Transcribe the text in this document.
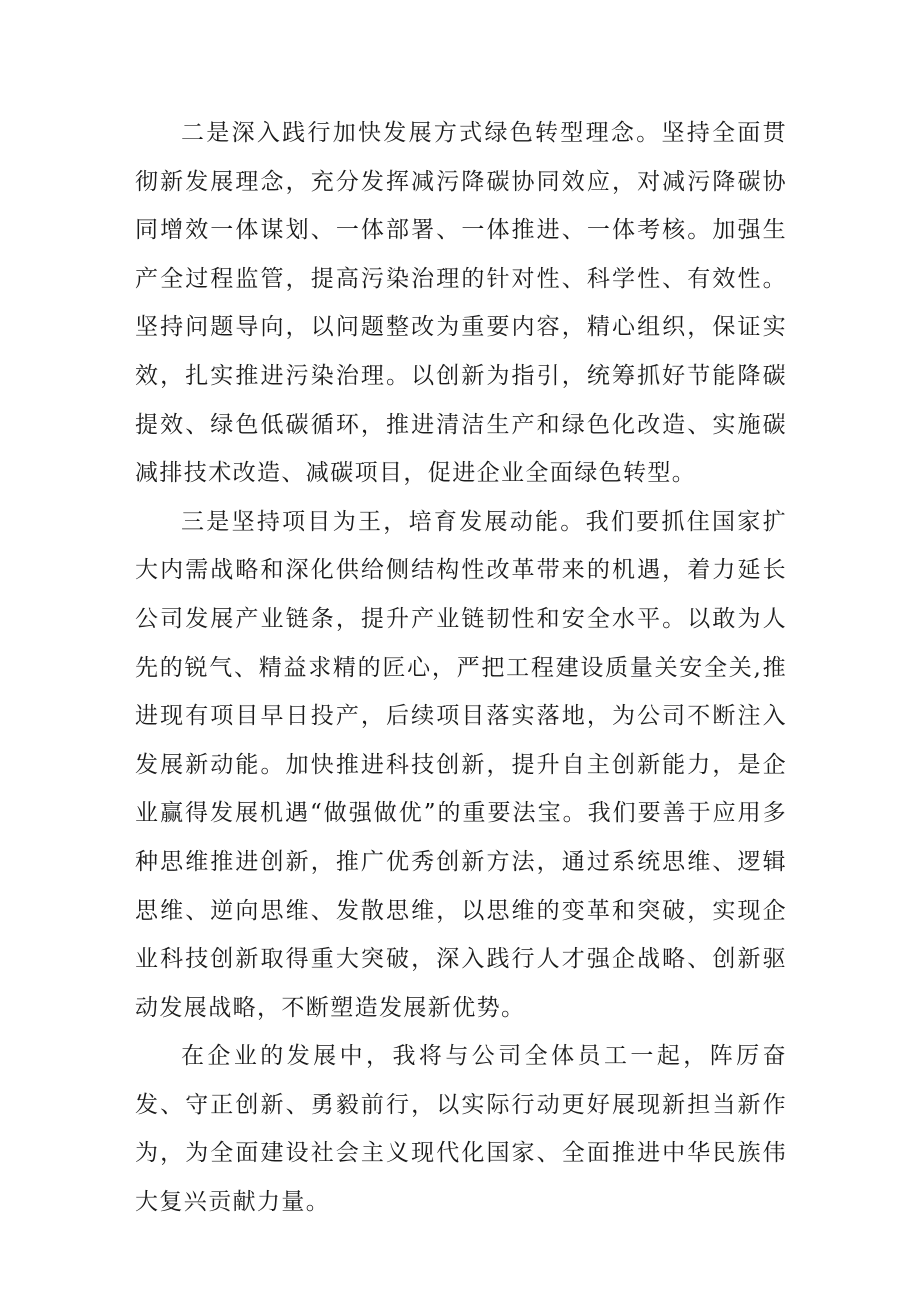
二是深入践行加快发展方式绿色转型理念。坚持全面贯彻新发展理念，充分发挥减污降碳协同效应，对减污降碳协同增效一体谋划、一体部署、一体推进、一体考核。加强生产全过程监管，提高污染治理的针对性、科学性、有效性。坚持问题导向，以问题整改为重要内容，精心组织，保证实效，扎实推进污染治理。以创新为指引，统筹抓好节能降碳提效、绿色低碳循环，推进清洁生产和绿色化改造、实施碳减排技术改造、减碳项目，促进企业全面绿色转型。

三是坚持项目为王，培育发展动能。我们要抓住国家扩大内需战略和深化供给侧结构性改革带来的机遇，着力延长公司发展产业链条，提升产业链韧性和安全水平。以敢为人先的锐气、精益求精的匠心，严把工程建设质量关安全关,推进现有项目早日投产，后续项目落实落地，为公司不断注入发展新动能。加快推进科技创新，提升自主创新能力，是企业赢得发展机遇“做强做优”的重要法宝。我们要善于应用多种思维推进创新，推广优秀创新方法，通过系统思维、逻辑思维、逆向思维、发散思维，以思维的变革和突破，实现企业科技创新取得重大突破，深入践行人才强企战略、创新驱动发展战略，不断塑造发展新优势。

在企业的发展中，我将与公司全体员工一起，阵厉奋发、守正创新、勇毅前行，以实际行动更好展现新担当新作为，为全面建设社会主义现代化国家、全面推进中华民族伟大复兴贡献力量。
